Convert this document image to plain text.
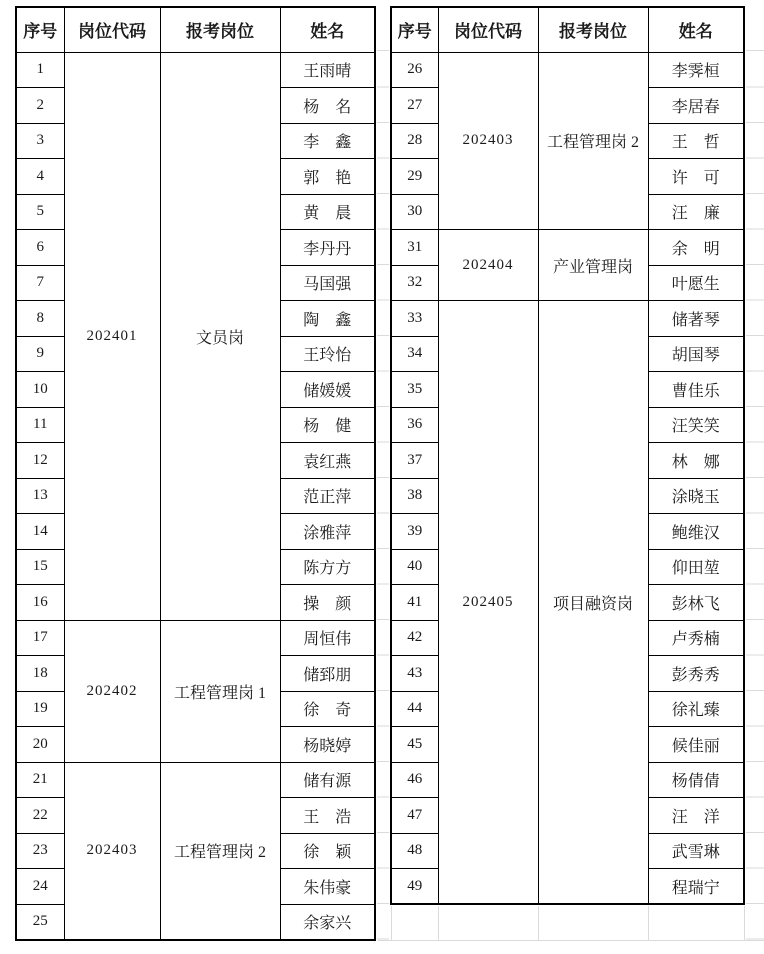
序号	岗位代码	报考岗位	姓名
1	202401	文员岗	王雨晴
2			杨　名
3			李　鑫
4			郭　艳
5			黄　晨
6			李丹丹
7			马国强
8			陶　鑫
9			王玲怡
10			储媛媛
11			杨　健
12			袁红燕
13			范正萍
14			涂雅萍
15			陈方方
16			操　颜
17	202402	工程管理岗 1	周恒伟
18			储郅朋
19			徐　奇
20			杨晓婷
21	202403	工程管理岗 2	储有源
22			王　浩
23			徐　颖
24			朱伟豪
25			余家兴
序号	岗位代码	报考岗位	姓名
26	202403	工程管理岗 2	李霁桓
27			李居春
28			王　哲
29			许　可
30			汪　廉
31	202404	产业管理岗	余　明
32			叶愿生
33	202405	项目融资岗	储著琴
34			胡国琴
35			曹佳乐
36			汪笑笑
37			林　娜
38			涂晓玉
39			鲍维汉
40			仰田堃
41			彭林飞
42			卢秀楠
43			彭秀秀
44			徐礼臻
45			候佳丽
46			杨倩倩
47			汪　洋
48			武雪琳
49			程瑞宁
